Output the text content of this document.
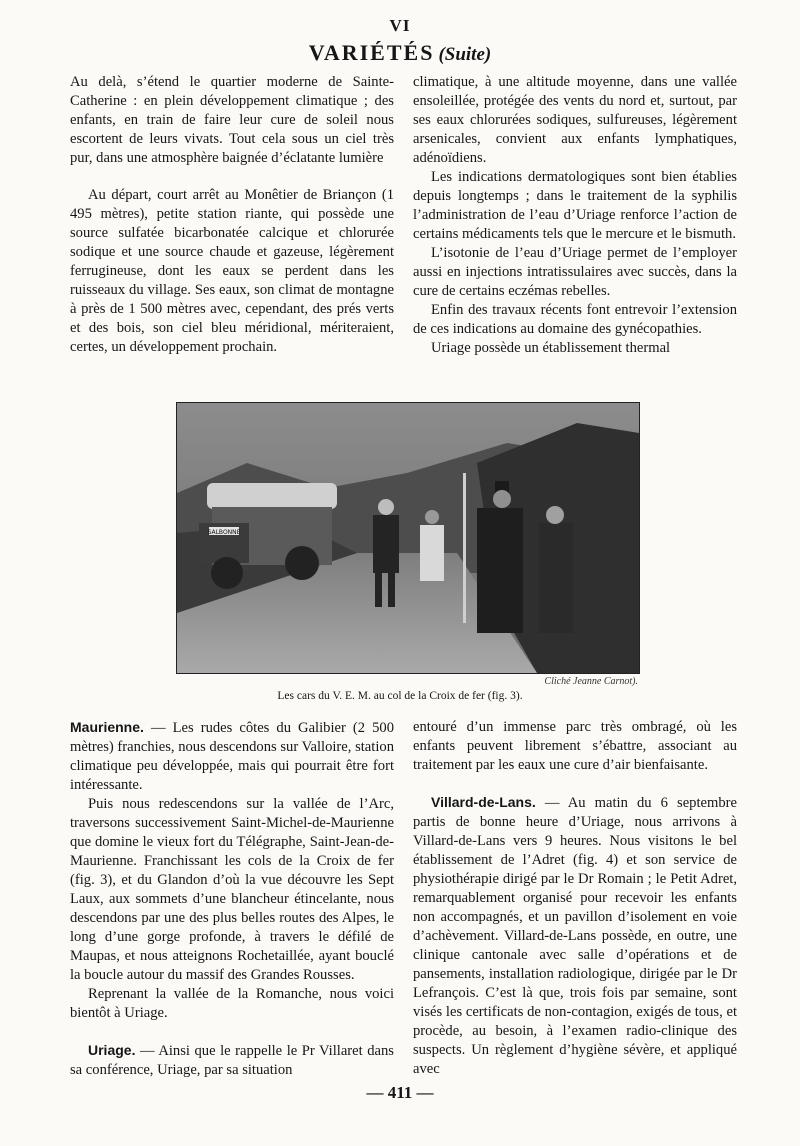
VI
VARIÉTÉS (Suite)

Au delà, s’étend le quartier moderne de Sainte-Catherine : en plein développement climatique ; des enfants, en train de faire leur cure de soleil nous escortent de leurs vivats. Tout cela sous un ciel très pur, dans une atmosphère baignée d’éclatante lumière

Au départ, court arrêt au Monêtier de Briançon (1 495 mètres), petite station riante, qui possède une source sulfatée bicarbonatée calcique et chlorurée sodique et une source chaude et gazeuse, légèrement ferrugineuse, dont les eaux se perdent dans les ruisseaux du village. Ses eaux, son climat de montagne à près de 1 500 mètres avec, cependant, des prés verts et des bois, son ciel bleu méridional, mériteraient, certes, un développement prochain.

climatique, à une altitude moyenne, dans une vallée ensoleillée, protégée des vents du nord et, surtout, par ses eaux chlorurées sodiques, sulfureuses, légèrement arsenicales, convient aux enfants lymphatiques, adénoïdiens.

Les indications dermatologiques sont bien établies depuis longtemps ; dans le traitement de la syphilis l’administration de l’eau d’Uriage renforce l’action de certains médicaments tels que le mercure et le bismuth.

L’isotonie de l’eau d’Uriage permet de l’employer aussi en injections intratissulaires avec succès, dans la cure de certains eczémas rebelles.

Enfin des travaux récents font entrevoir l’extension de ces indications au domaine des gynécopathies.

Uriage possède un établissement thermal

SALBONNE
Cliché Jeanne Carnot).
Les cars du V. E. M. au col de la Croix de fer (fig. 3).

Maurienne. — Les rudes côtes du Galibier (2 500 mètres) franchies, nous descendons sur Valloire, station climatique peu développée, mais qui pourrait être fort intéressante.

Puis nous redescendons sur la vallée de l’Arc, traversons successivement Saint-Michel-de-Maurienne que domine le vieux fort du Télégraphe, Saint-Jean-de-Maurienne. Franchissant les cols de la Croix de fer (fig. 3), et du Glandon d’où la vue découvre les Sept Laux, aux sommets d’une blancheur étincelante, nous descendons par une des plus belles routes des Alpes, le long d’une gorge profonde, à travers le défilé de Maupas, et nous atteignons Rochetaillée, ayant bouclé la boucle autour du massif des Grandes Rousses.

Reprenant la vallée de la Romanche, nous voici bientôt à Uriage.

Uriage. — Ainsi que le rappelle le Pr Villaret dans sa conférence, Uriage, par sa situation

entouré d’un immense parc très ombragé, où les enfants peuvent librement s’ébattre, associant au traitement par les eaux une cure d’air bienfaisante.

Villard-de-Lans. — Au matin du 6 septembre partis de bonne heure d’Uriage, nous arrivons à Villard-de-Lans vers 9 heures. Nous visitons le bel établissement de l’Adret (fig. 4) et son service de physiothérapie dirigé par le Dr Romain ; le Petit Adret, remarquablement organisé pour recevoir les enfants non accompagnés, et un pavillon d’isolement en voie d’achèvement. Villard-de-Lans possède, en outre, une clinique cantonale avec salle d’opérations et de pansements, installation radiologique, dirigée par le Dr Lefrançois. C’est là que, trois fois par semaine, sont visés les certificats de non-contagion, exigés de tous, et procède, au besoin, à l’examen radio-clinique des suspects. Un règlement d’hygiène sévère, et appliqué avec

— 411 —
